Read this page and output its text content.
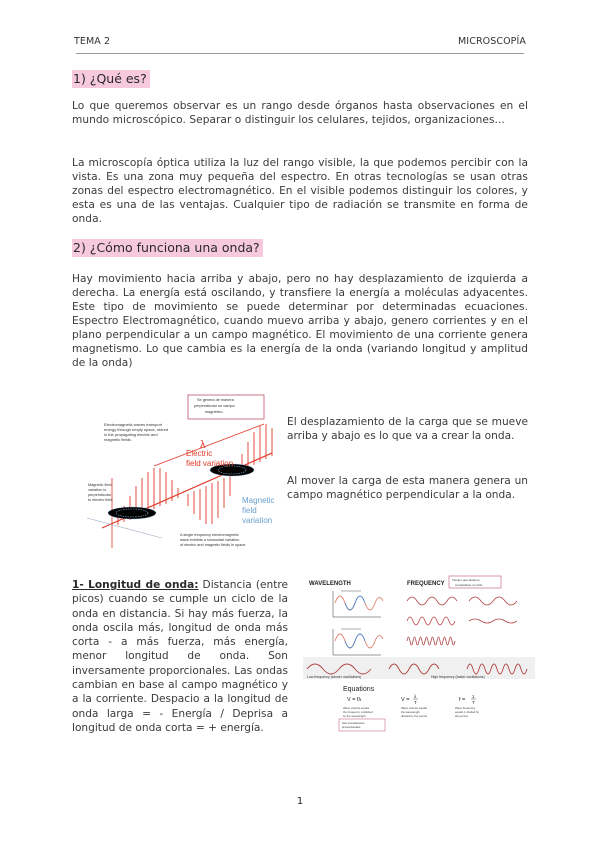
TEMA 2	MICROSCOPÍA
1) ¿Qué es?

Lo que queremos observar es un rango desde órganos hasta observaciones en el mundo microscópico. Separar o distinguir los celulares, tejidos, organizaciones...

La microscopía óptica utiliza la luz del rango visible, la que podemos percibir con la vista. Es una zona muy pequeña del espectro. En otras tecnologías se usan otras zonas del espectro electromagnético. En el visible podemos distinguir los colores, y esta es una de las ventajas. Cualquier tipo de radiación se transmite en forma de onda.

2) ¿Cómo funciona una onda?

Hay movimiento hacia arriba y abajo, pero no hay desplazamiento de izquierda a derecha. La energía está oscilando, y transfiere la energía a moléculas adyacentes. Este tipo de movimiento se puede determinar por determinadas ecuaciones. Espectro Electromagnético, cuando muevo arriba y abajo, genero corrientes y en el plano perpendicular a un campo magnético. El movimiento de una corriente genera magnetismo. Lo que cambia es la energía de la onda (variando longitud y amplitud de la onda)

λ
Electromagnetic waves transport
energy through empty space, stored
in the propagating electric and
magnetic fields.
Se genera de manera
perpendicular un campo
magnético.
Electric
field variation
Magnetic
field
variation
Magnetic field
variation is
perpendicular
to electric field.
A single frequency electromagnetic
wave exhibits a sinusoidal variation
of electric and magnetic fields in space.

El desplazamiento de la carga que se mueve arriba y abajo es lo que va a crear la onda.

Al mover la carga de esta manera genera un campo magnético perpendicular a la onda.

1- Longitud de onda: Distancia (entre picos) cuando se cumple un ciclo de la onda en distancia. Si hay más fuerza, la onda oscila más, longitud de onda más corta - a más fuerza, más energía, menor longitud de onda. Son inversamente proporcionales. Las ondas cambian en base al campo magnético y a la corriente. Despacio a la longitud de onda larga = - Energía / Deprisa a longitud de onda corta = + energía.

WAVELENGTH	FREQUENCY
Tiempo que tarda en
completarse un ciclo
Low frequency (slower oscillations)	High frequency (faster oscillations)
Equations
V = fλ	V =
λ
T	f =
1
T
Wave velocity equals
the frequency multiplied
by the wavelength.
Wave velocity equals
the wavelength
divided by the period.
Wave frequency
equals 1 divided by
the period.
Son inversamente
proporcionales
1
